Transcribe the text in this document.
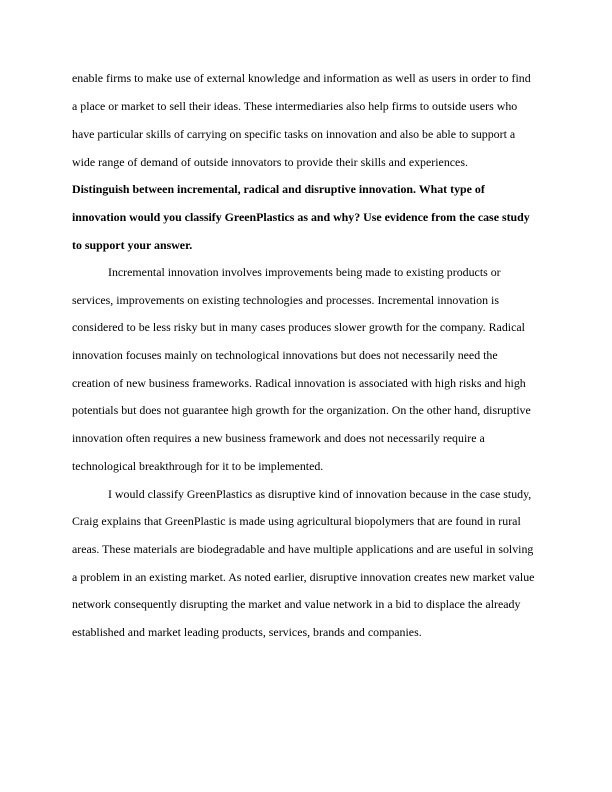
enable firms to make use of external knowledge and information as well as users in order to find
a place or market to sell their ideas. These intermediaries also help firms to outside users who
have particular skills of carrying on specific tasks on innovation and also be able to support a
wide range of demand of outside innovators to provide their skills and experiences.
Distinguish between incremental, radical and disruptive innovation. What type of
innovation would you classify GreenPlastics as and why? Use evidence from the case study
to support your answer.
Incremental innovation involves improvements being made to existing products or
services, improvements on existing technologies and processes. Incremental innovation is
considered to be less risky but in many cases produces slower growth for the company. Radical
innovation focuses mainly on technological innovations but does not necessarily need the
creation of new business frameworks. Radical innovation is associated with high risks and high
potentials but does not guarantee high growth for the organization. On the other hand, disruptive
innovation often requires a new business framework and does not necessarily require a
technological breakthrough for it to be implemented.
I would classify GreenPlastics as disruptive kind of innovation because in the case study,
Craig explains that GreenPlastic is made using agricultural biopolymers that are found in rural
areas. These materials are biodegradable and have multiple applications and are useful in solving
a problem in an existing market. As noted earlier, disruptive innovation creates new market value
network consequently disrupting the market and value network in a bid to displace the already
established and market leading products, services, brands and companies.
